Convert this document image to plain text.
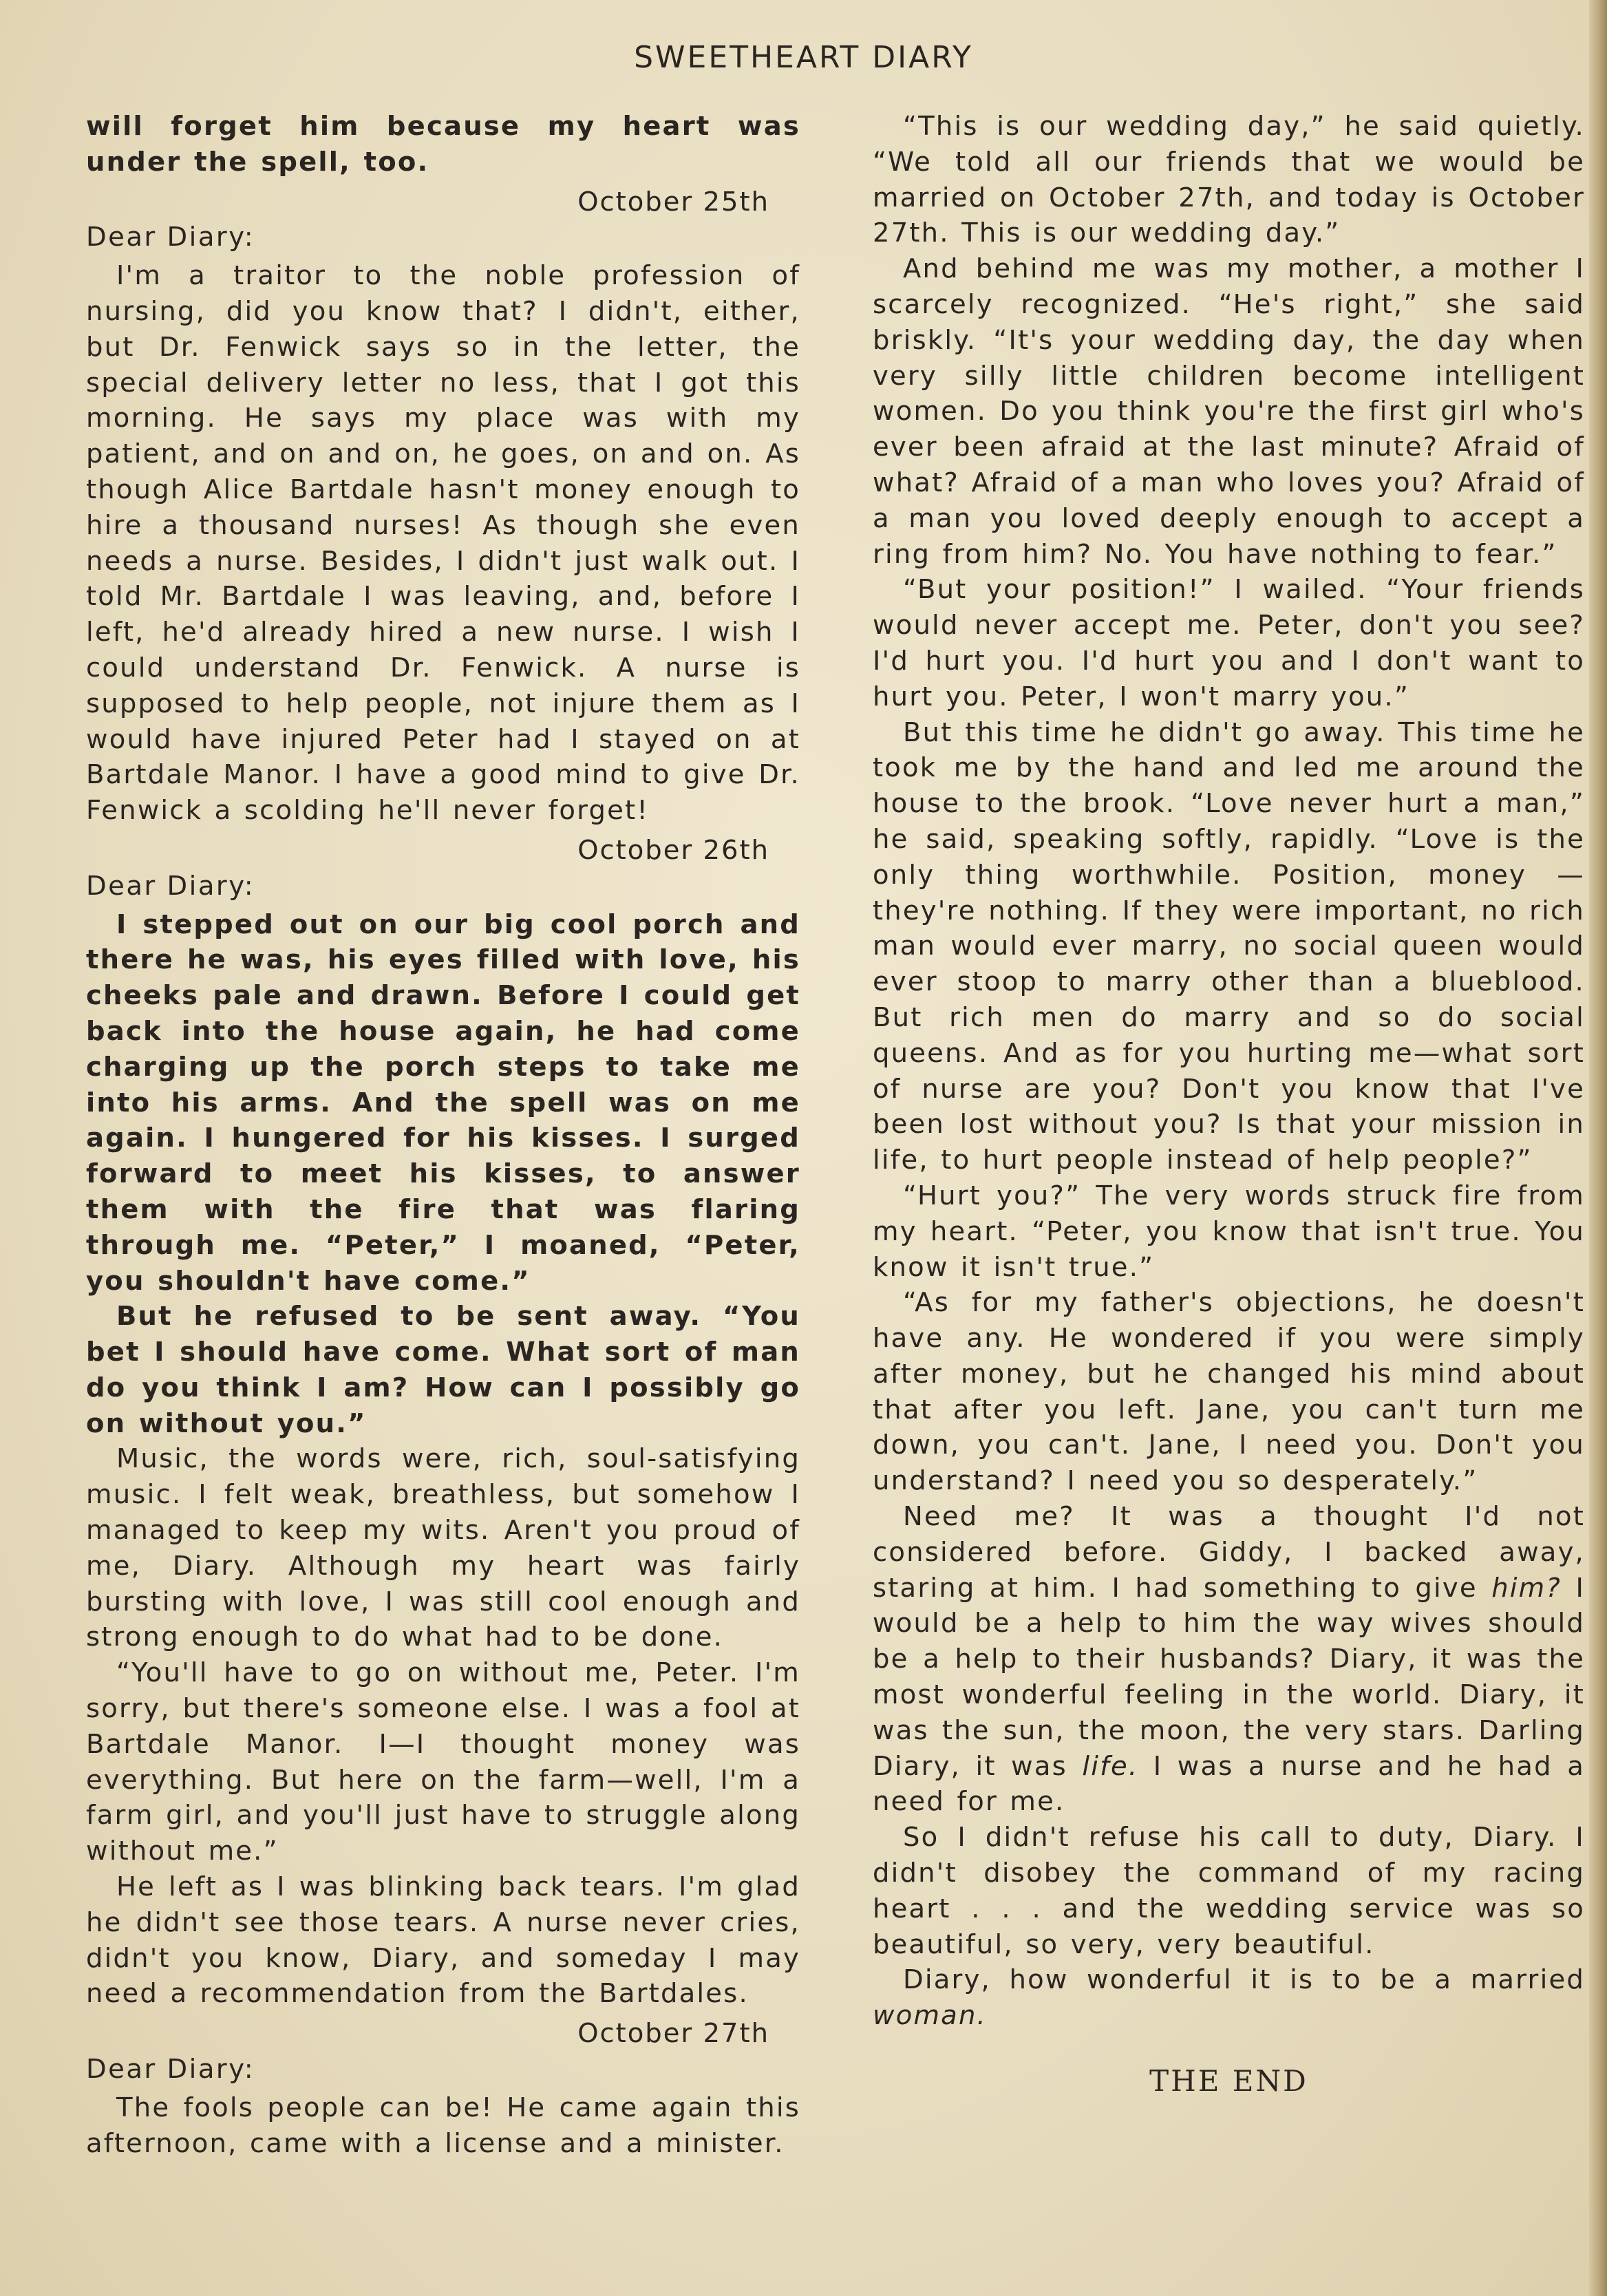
SWEETHEART DIARY

will forget him because my heart was under the spell, too.

October 25th
Dear Diary:

I'm a traitor to the noble profession of nursing, did you know that? I didn't, either, but Dr. Fenwick says so in the letter, the special delivery letter no less, that I got this morning. He says my place was with my patient, and on and on, he goes, on and on. As though Alice Bartdale hasn't money enough to hire a thousand nurses! As though she even needs a nurse. Besides, I didn't just walk out. I told Mr. Bartdale I was leaving, and, before I left, he'd already hired a new nurse. I wish I could understand Dr. Fenwick. A nurse is supposed to help people, not injure them as I would have injured Peter had I stayed on at Bartdale Manor. I have a good mind to give Dr. Fenwick a scolding he'll never forget!

October 26th
Dear Diary:

I stepped out on our big cool porch and there he was, his eyes filled with love, his cheeks pale and drawn. Before I could get back into the house again, he had come charging up the porch steps to take me into his arms. And the spell was on me again. I hungered for his kisses. I surged forward to meet his kisses, to answer them with the fire that was flaring through me. “Peter,” I moaned, “Peter, you shouldn't have come.”

But he refused to be sent away. “You bet I should have come. What sort of man do you think I am? How can I possibly go on without you.”

Music, the words were, rich, soul-satisfying music. I felt weak, breathless, but somehow I managed to keep my wits. Aren't you proud of me, Diary. Although my heart was fairly bursting with love, I was still cool enough and strong enough to do what had to be done.

“You'll have to go on without me, Peter. I'm sorry, but there's someone else. I was a fool at Bartdale Manor. I—I thought money was everything. But here on the farm—well, I'm a farm girl, and you'll just have to struggle along without me.”

He left as I was blinking back tears. I'm glad he didn't see those tears. A nurse never cries, didn't you know, Diary, and someday I may need a recommendation from the Bartdales.

October 27th
Dear Diary:

The fools people can be! He came again this afternoon, came with a license and a minister.

“This is our wedding day,” he said quietly. “We told all our friends that we would be married on October 27th, and today is October 27th. This is our wedding day.”

And behind me was my mother, a mother I scarcely recognized. “He's right,” she said briskly. “It's your wedding day, the day when very silly little children become intelligent women. Do you think you're the first girl who's ever been afraid at the last minute? Afraid of what? Afraid of a man who loves you? Afraid of a man you loved deeply enough to accept a ring from him? No. You have nothing to fear.”

“But your position!” I wailed. “Your friends would never accept me. Peter, don't you see? I'd hurt you. I'd hurt you and I don't want to hurt you. Peter, I won't marry you.”

But this time he didn't go away. This time he took me by the hand and led me around the house to the brook. “Love never hurt a man,” he said, speaking softly, rapidly. “Love is the only thing worthwhile. Position, money —they're nothing. If they were important, no rich man would ever marry, no social queen would ever stoop to marry other than a blueblood. But rich men do marry and so do social queens. And as for you hurting me—what sort of nurse are you? Don't you know that I've been lost without you? Is that your mission in life, to hurt people instead of help people?”

“Hurt you?” The very words struck fire from my heart. “Peter, you know that isn't true. You know it isn't true.”

“As for my father's objections, he doesn't have any. He wondered if you were simply after money, but he changed his mind about that after you left. Jane, you can't turn me down, you can't. Jane, I need you. Don't you understand? I need you so desperately.”

Need me? It was a thought I'd not considered before. Giddy, I backed away, staring at him. I had something to give him? I would be a help to him the way wives should be a help to their husbands? Diary, it was the most wonderful feeling in the world. Diary, it was the sun, the moon, the very stars. Darling Diary, it was life. I was a nurse and he had a need for me.

So I didn't refuse his call to duty, Diary. I didn't disobey the command of my racing heart . . . and the wedding service was so beautiful, so very, very beautiful.

Diary, how wonderful it is to be a married woman.

THE END
